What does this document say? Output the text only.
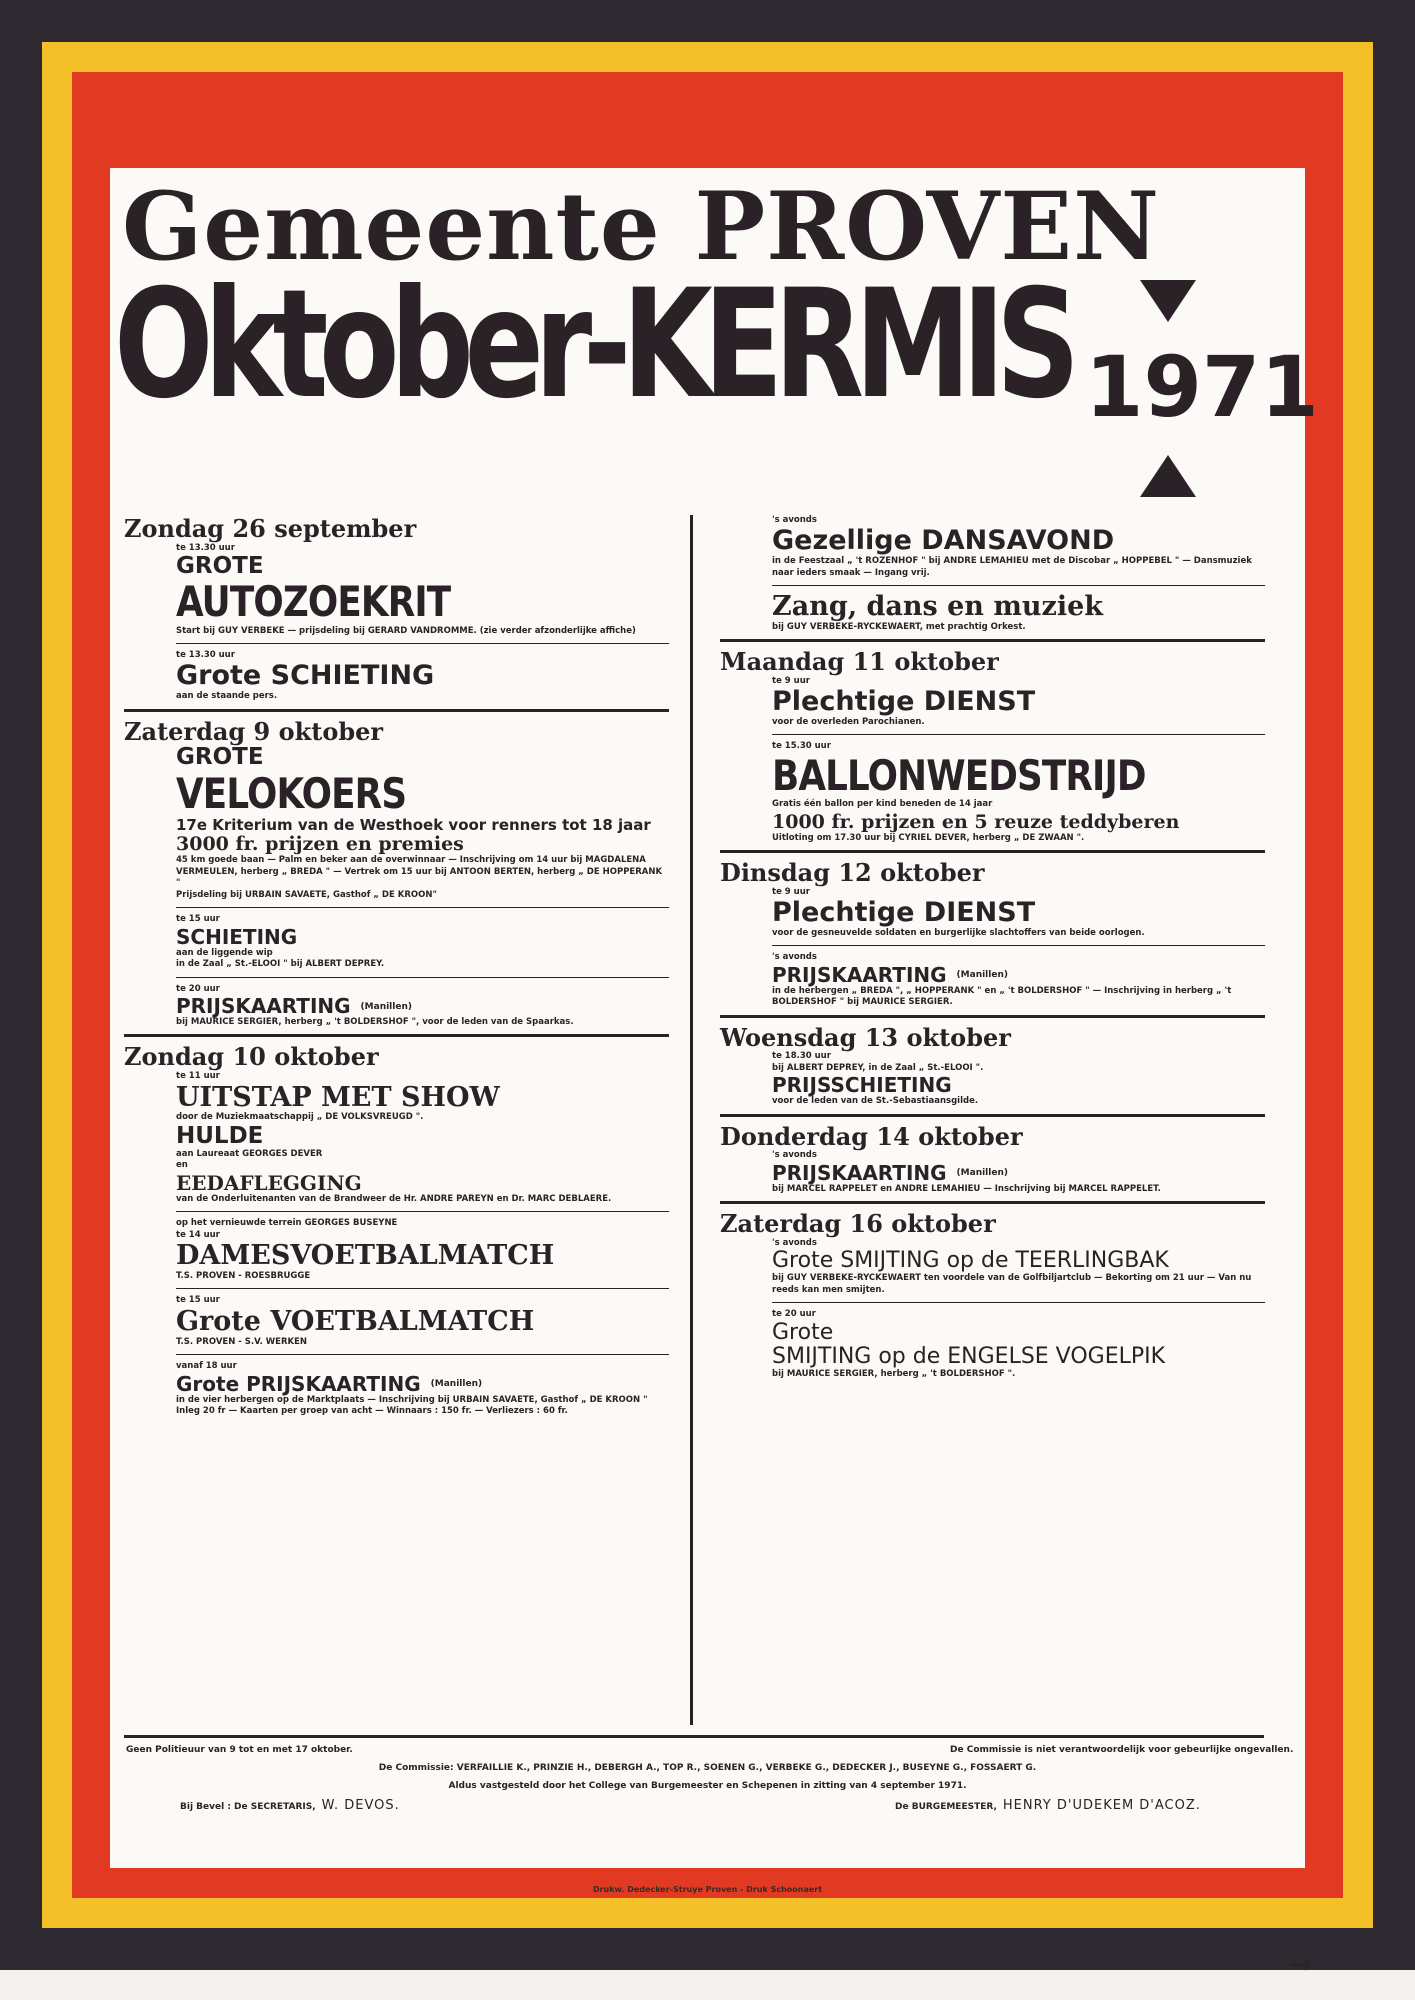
Gemeente PROVEN
Oktober-KERMIS 1971

Zondag 26 september

te 13.30 uur

GROTE

AUTOZOEKRIT

Start bij GUY VERBEKE — prijsdeling bij GERARD VANDROMME. (zie verder afzonderlijke affiche)

te 13.30 uur

Grote SCHIETING

aan de staande pers.

Zaterdag 9 oktober

GROTE

VELOKOERS

17e Kriterium van de Westhoek voor renners tot 18 jaar

3000 fr. prijzen en premies

45 km goede baan — Palm en beker aan de overwinnaar — Inschrijving om 14 uur bij MAGDALENA VERMEULEN, herberg „ BREDA " — Vertrek om 15 uur bij ANTOON BERTEN, herberg „ DE HOPPERANK "

Prijsdeling bij URBAIN SAVAETE, Gasthof „ DE KROON"

te 15 uur

SCHIETING

aan de liggende wip

in de Zaal „ St.-ELOOI " bij ALBERT DEPREY.

te 20 uur

PRIJSKAARTING (Manillen)

bij MAURICE SERGIER, herberg „ 't BOLDERSHOF ", voor de leden van de Spaarkas.

Zondag 10 oktober

te 11 uur

UITSTAP MET SHOW

door de Muziekmaatschappij „ DE VOLKSVREUGD ".

HULDE

aan Laureaat GEORGES DEVER

en

EEDAFLEGGING

van de Onderluitenanten van de Brandweer de Hr. ANDRE PAREYN en Dr. MARC DEBLAERE.

op het vernieuwde terrein GEORGES BUSEYNE

te 14 uur

DAMESVOETBALMATCH

T.S. PROVEN - ROESBRUGGE

te 15 uur

Grote VOETBALMATCH

T.S. PROVEN - S.V. WERKEN

vanaf 18 uur

Grote PRIJSKAARTING (Manillen)

in de vier herbergen op de Marktplaats — Inschrijving bij URBAIN SAVAETE, Gasthof „ DE KROON "

Inleg 20 fr — Kaarten per groep van acht — Winnaars : 150 fr. — Verliezers : 60 fr.

's avonds

Gezellige DANSAVOND

in de Feestzaal „ 't ROZENHOF " bij ANDRE LEMAHIEU met de Discobar „ HOPPEBEL " — Dansmuziek naar ieders smaak — Ingang vrij.

Zang, dans en muziek

bij GUY VERBEKE-RYCKEWAERT, met prachtig Orkest.

Maandag 11 oktober

te 9 uur

Plechtige DIENST

voor de overleden Parochianen.

te 15.30 uur

BALLONWEDSTRIJD

Gratis één ballon per kind beneden de 14 jaar

1000 fr. prijzen en 5 reuze teddyberen

Uitloting om 17.30 uur bij CYRIEL DEVER, herberg „ DE ZWAAN ".

Dinsdag 12 oktober

te 9 uur

Plechtige DIENST

voor de gesneuvelde soldaten en burgerlijke slachtoffers van beide oorlogen.

's avonds

PRIJSKAARTING (Manillen)

in de herbergen „ BREDA ", „ HOPPERANK " en „ 't BOLDERSHOF " — Inschrijving in herberg „ 't BOLDERSHOF " bij MAURICE SERGIER.

Woensdag 13 oktober

te 18.30 uur

bij ALBERT DEPREY, in de Zaal „ St.-ELOOI ".

PRIJSSCHIETING

voor de leden van de St.-Sebastiaansgilde.

Donderdag 14 oktober

's avonds

PRIJSKAARTING (Manillen)

bij MARCEL RAPPELET en ANDRE LEMAHIEU — Inschrijving bij MARCEL RAPPELET.

Zaterdag 16 oktober

's avonds

Grote SMIJTING op de TEERLINGBAK

bij GUY VERBEKE-RYCKEWAERT ten voordele van de Golfbiljartclub — Bekorting om 21 uur — Van nu reeds kan men smijten.

te 20 uur

Grote

SMIJTING op de ENGELSE VOGELPIK

bij MAURICE SERGIER, herberg „ 't BOLDERSHOF ".

Geen Politieuur van 9 tot en met 17 oktober.	De Commissie is niet verantwoordelijk voor gebeurlijke ongevallen.
De Commissie: VERFAILLIE K., PRINZIE H., DEBERGH A., TOP R., SOENEN G., VERBEKE G., DEDECKER J., BUSEYNE G., FOSSAERT G.
Aldus vastgesteld door het College van Burgemeester en Schepenen in zitting van 4 september 1971.
Bij Bevel : De SECRETARIS, W. DEVOS.	De BURGEMEESTER, HENRY D'UDEKEM D'ACOZ.
Drukw. Dedecker-Struye Proven - Druk Schoonaert
→
